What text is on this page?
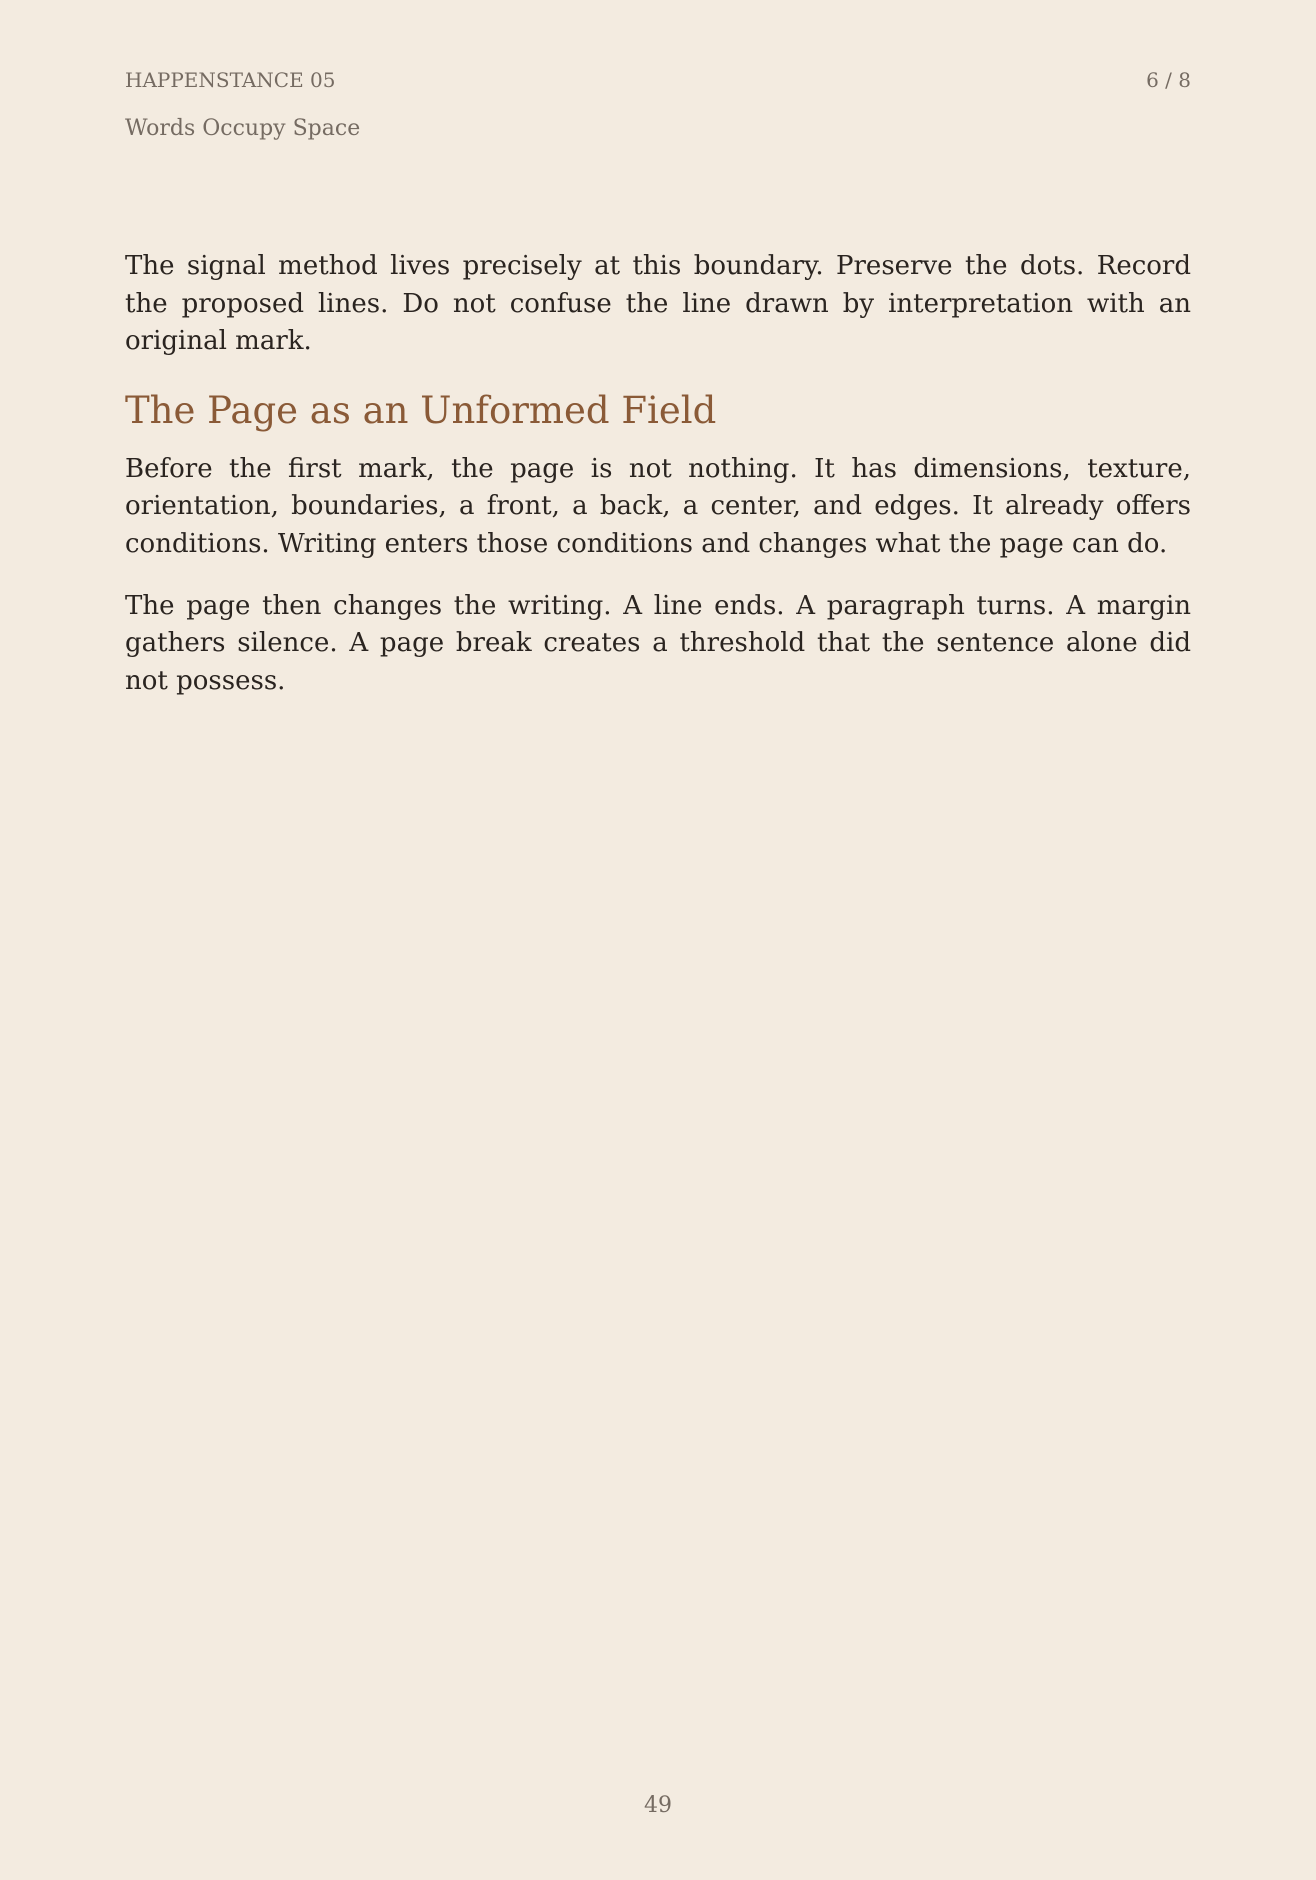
HAPPENSTANCE 05	6 / 8
Words Occupy Space

The signal method lives precisely at this boundary. Preserve the dots. Record the proposed lines. Do not confuse the line drawn by interpretation with an original mark.

The Page as an Unformed Field

Before the first mark, the page is not nothing. It has dimensions, texture, orientation, boundaries, a front, a back, a center, and edges. It already offers conditions. Writing enters those conditions and changes what the page can do.

The page then changes the writing. A line ends. A paragraph turns. A margin gathers silence. A page break creates a threshold that the sentence alone did not possess.

49
